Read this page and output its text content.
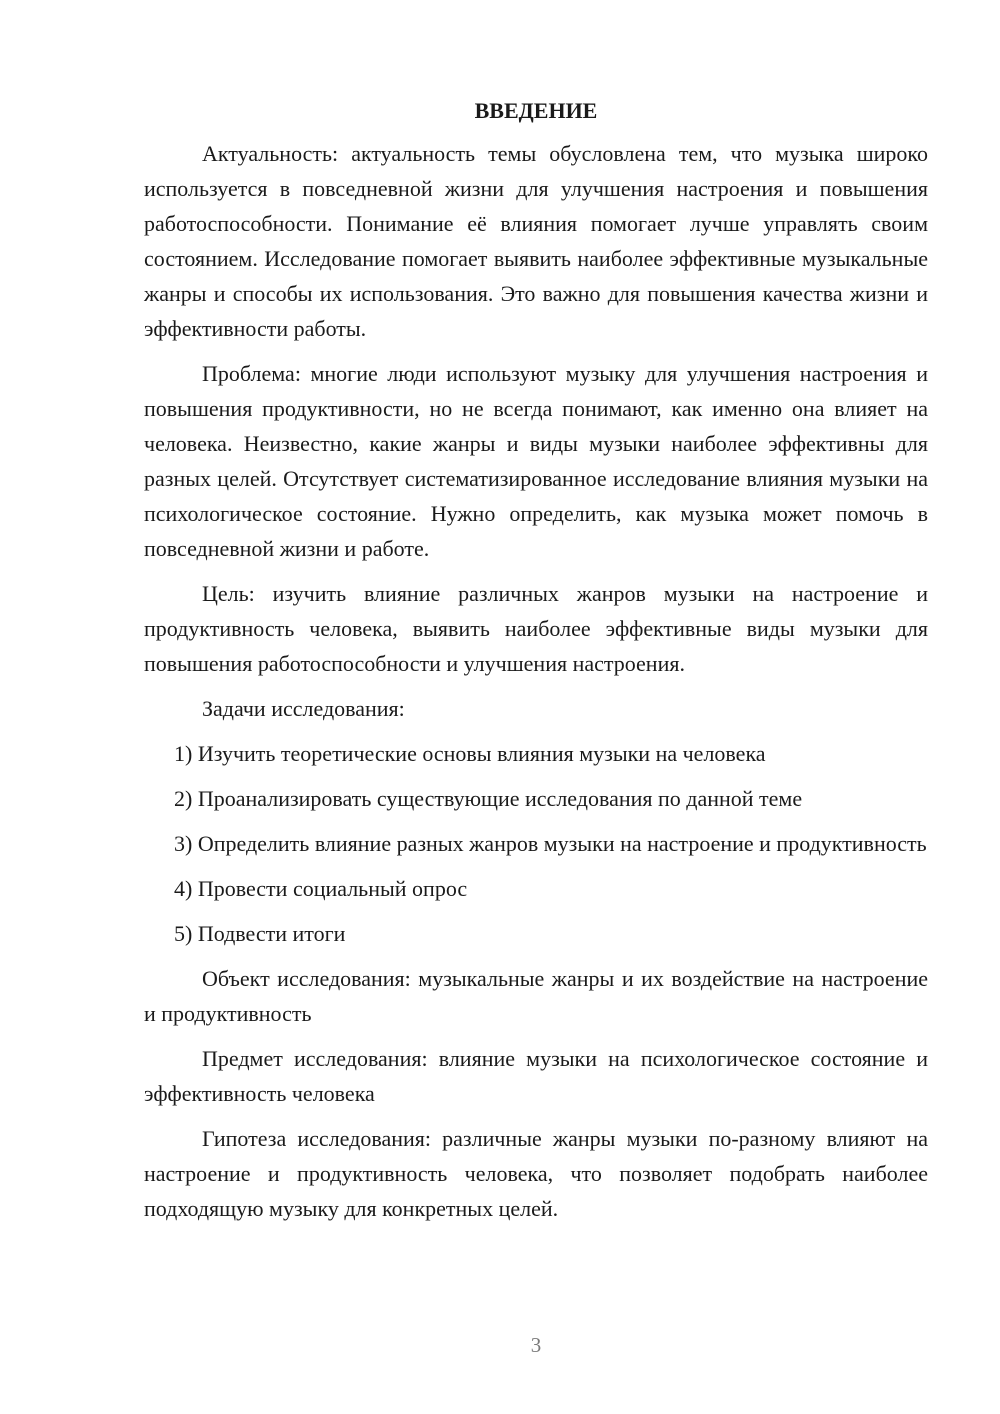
ВВЕДЕНИЕ

Актуальность: актуальность темы обусловлена тем, что музыка широко используется в повседневной жизни для улучшения настроения и повышения работоспособности. Понимание её влияния помогает лучше управлять своим состоянием. Исследование помогает выявить наиболее эффективные музыкальные жанры и способы их использования. Это важно для повышения качества жизни и эффективности работы.

Проблема: многие люди используют музыку для улучшения настроения и повышения продуктивности, но не всегда понимают, как именно она влияет на человека. Неизвестно, какие жанры и виды музыки наиболее эффективны для разных целей. Отсутствует систематизированное исследование влияния музыки на психологическое состояние. Нужно определить, как музыка может помочь в повседневной жизни и работе.

Цель: изучить влияние различных жанров музыки на настроение и продуктивность человека, выявить наиболее эффективные виды музыки для повышения работоспособности и улучшения настроения.

Задачи исследования:

1) Изучить теоретические основы влияния музыки на человека

2) Проанализировать существующие исследования по данной теме

3) Определить влияние разных жанров музыки на настроение и продуктивность

4) Провести социальный опрос

5) Подвести итоги

Объект исследования: музыкальные жанры и их воздействие на настроение и продуктивность

Предмет исследования: влияние музыки на психологическое состояние и эффективность человека

Гипотеза исследования: различные жанры музыки по-разному влияют на настроение и продуктивность человека, что позволяет подобрать наиболее подходящую музыку для конкретных целей.

3
